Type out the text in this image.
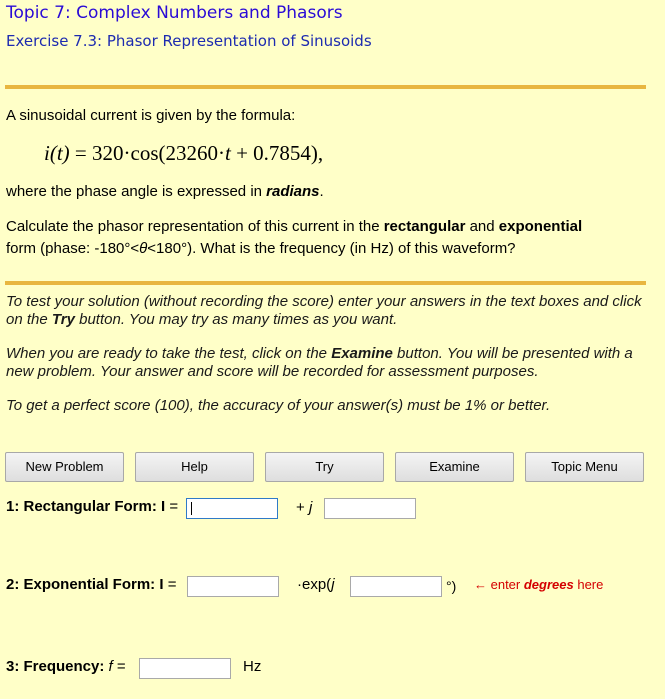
Topic 7: Complex Numbers and Phasors
Exercise 7.3: Phasor Representation of Sinusoids
A sinusoidal current is given by the formula:
i(t) = 320·cos(23260·t + 0.7854),
where the phase angle is expressed in radians.
Calculate the phasor representation of this current in the rectangular and exponential
form (phase: -180°<θ<180°). What is the frequency (in Hz) of this waveform?
To test your solution (without recording the score) enter your answers in the text boxes and click on the Try button. You may try as many times as you want.
When you are ready to take the test, click on the Examine button. You will be presented with a new problem. Your answer and score will be recorded for assessment purposes.
To get a perfect score (100), the accuracy of your answer(s) must be 1% or better.
New Problem	Help	Try	Examine	Topic Menu
1: Rectangular Form: I =	+ j
2: Exponential Form: I =	·exp(j	°) ← enter degrees here
3: Frequency: f =	Hz
